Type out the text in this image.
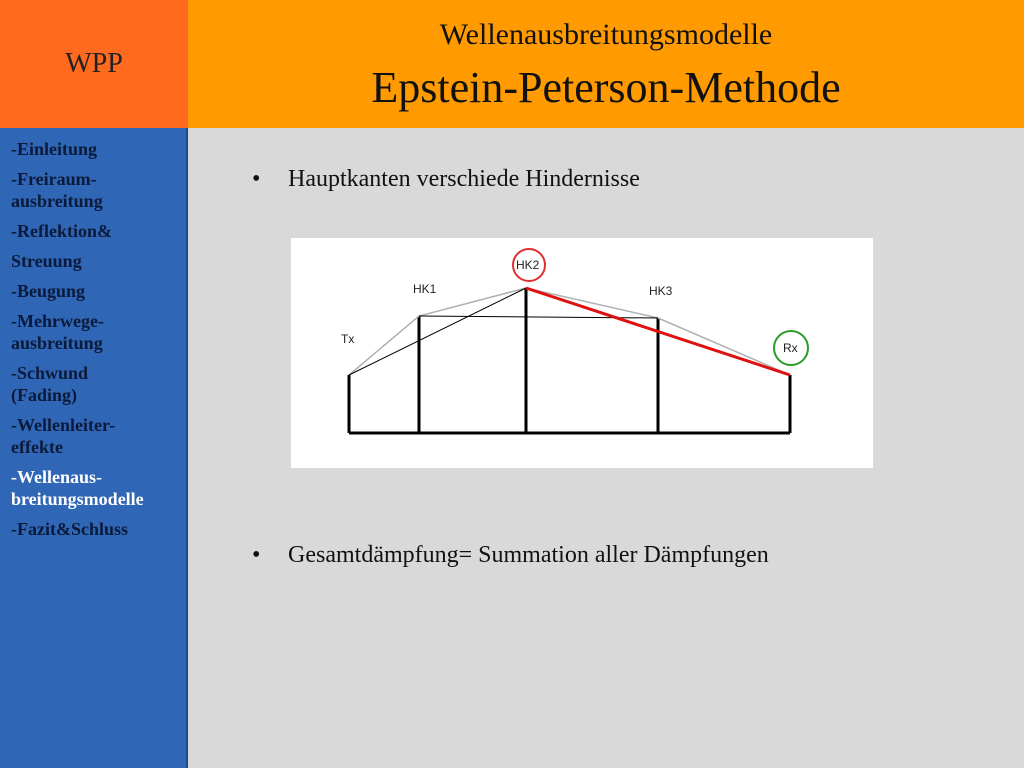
WPP
Wellenausbreitungsmodelle
Epstein-Peterson-Methode
-Einleitung
-Freiraum-
ausbreitung
-Reflektion&
Streuung
-Beugung
-Mehrwege-
ausbreitung
-Schwund
(Fading)
-Wellenleiter-
effekte
-Wellenaus-
breitungsmodelle
-Fazit&Schluss
•	Hauptkanten verschiede Hindernisse
Tx
HK1
HK2
HK3
Rx
•	Gesamtdämpfung= Summation aller Dämpfungen
